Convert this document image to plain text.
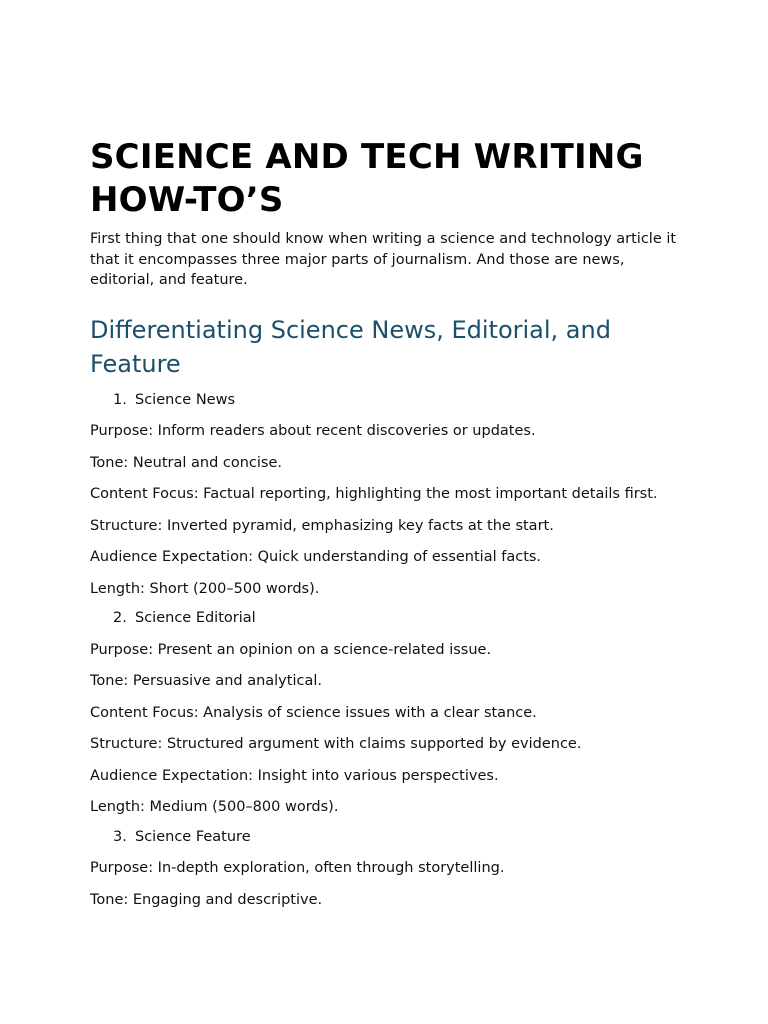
SCIENCE AND TECH WRITING HOW-TO’S

First thing that one should know when writing a science and technology article it that it encompasses three major parts of journalism. And those are news, editorial, and feature.

Differentiating Science News, Editorial, and Feature
1. Science News

Purpose: Inform readers about recent discoveries or updates.

Tone: Neutral and concise.

Content Focus: Factual reporting, highlighting the most important details first.

Structure: Inverted pyramid, emphasizing key facts at the start.

Audience Expectation: Quick understanding of essential facts.

Length: Short (200–500 words).

2. Science Editorial

Purpose: Present an opinion on a science-related issue.

Tone: Persuasive and analytical.

Content Focus: Analysis of science issues with a clear stance.

Structure: Structured argument with claims supported by evidence.

Audience Expectation: Insight into various perspectives.

Length: Medium (500–800 words).

3. Science Feature

Purpose: In-depth exploration, often through storytelling.

Tone: Engaging and descriptive.
